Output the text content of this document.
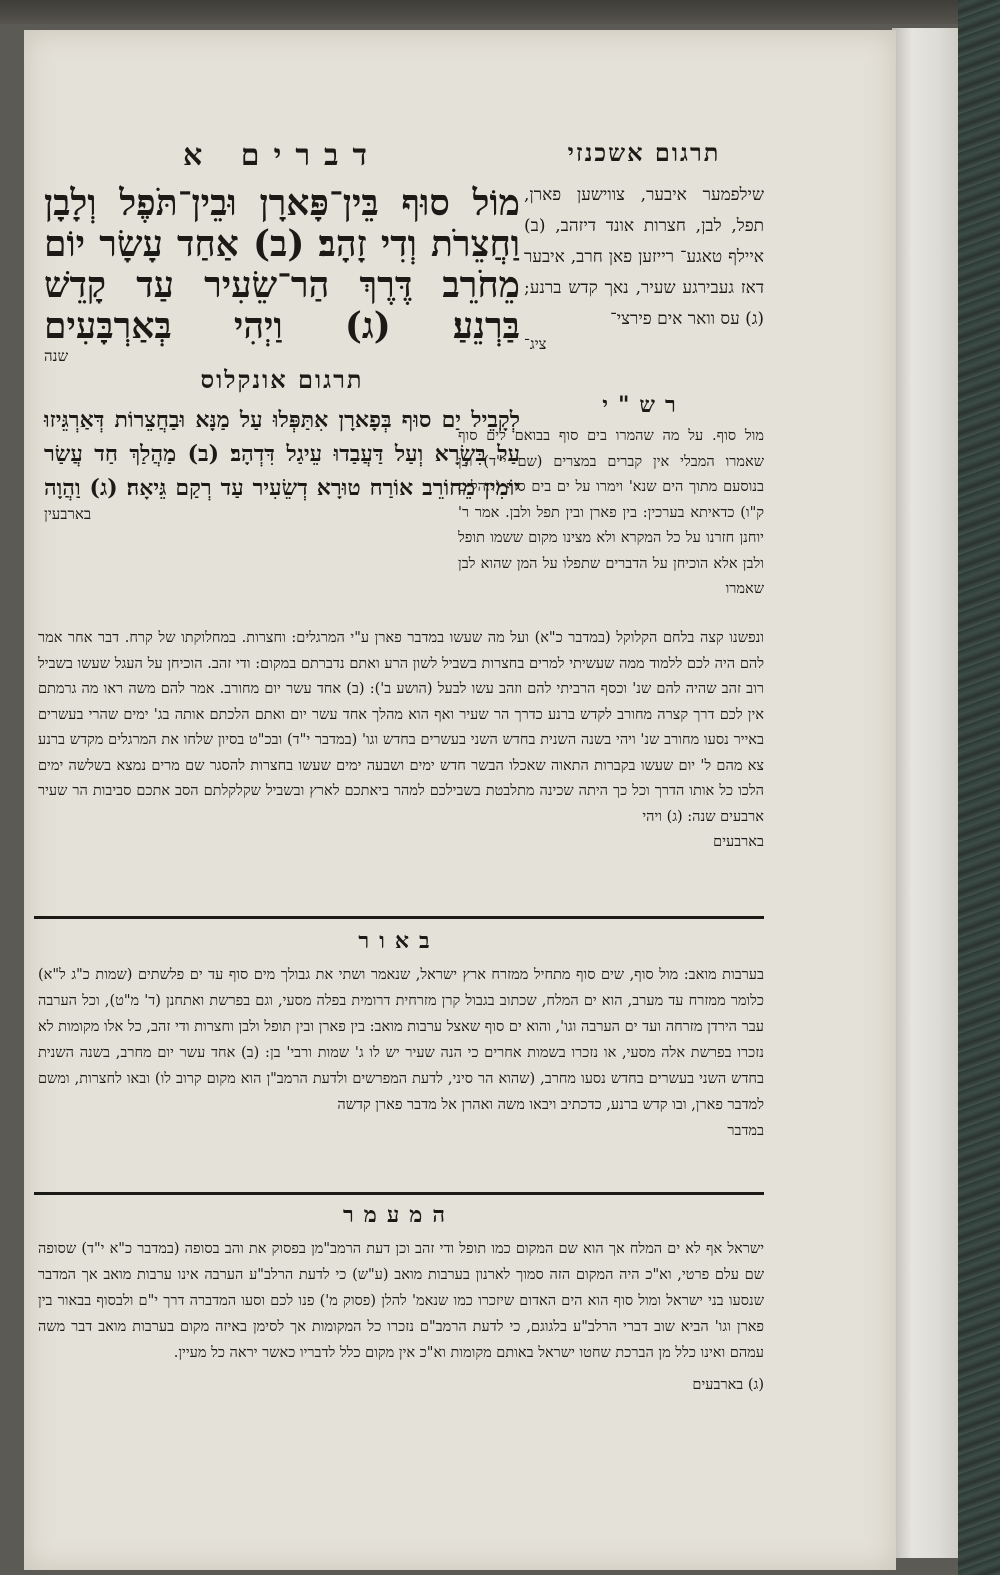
דברים א

מוֹל סוּף בֵּין־פָּארָן וּבֵין־תֹּפֶל וְלָבָן וַחֲצֵרֹת וְדִי זָהָב׃ (ב) אַחַד עָשָׂר יוֹם מֵחֹרֵב דֶּרֶךְ הַר־שֵׂעִיר עַד קָדֵשׁ בַּרְנֵעַ׃ (ג) וַיְהִי בְּאַרְבָּעִים

שנה

תרגום אונקלוס

לְקָבֵיל יַם סוּף בְּפָארָן אִתַּפְּלוּ עַל מַנָּא וּבַחֲצֵרוֹת דְּאַרְגֵּיזוּ עַל בִּשְׂרָא וְעַל דַּעֲבַדוּ עֵיגַל דִּדְהָב׃ (ב) מַהֲלַךְ חַד עֲשַׂר יוֹמִין מֵחוֹרֵב אוֹרַח טוּרָא דְשֵׂעִיר עַד רְקַם גֵּיאָה׃ (ג) וַהֲוָה

בארבעין

תרגום אשכנזי

שילפמער איבער, צווישען פארן, תפל, לבן, חצרות אונד דיזהב, (ב) איילף טאגע־ רייזען פאן חרב, איבער דאז געבירגע שעיר, נאך קדש ברנע; (ג) עס וואר אים פירצי־

ציג־

רש"י
מול סוף. על מה שהמרו בים סוף בבואם לים סוף שאמרו המבלי אין קברים במצרים (שם י"ד) וכן בנוסעם מתוך הים שנא' וימרו על ים בים סוף (תהלים ק"ו) כדאיתא בערכין: בין פארן ובין תפל ולבן. אמר ר' יוחנן חזרנו על כל המקרא ולא מצינו מקום ששמו תופל ולבן אלא הוכיחן על הדברים שתפלו על המן שהוא לבן שאמרו
ונפשנו קצה בלחם הקלוקל (במדבר כ"א) ועל מה שעשו במדבר פארן ע"י המרגלים: וחצרות. במחלוקתו של קרח. דבר אחר אמר להם היה לכם ללמוד ממה שעשיתי למרים בחצרות בשביל לשון הרע ואתם נדברתם במקום: ודי זהב. הוכיחן על העגל שעשו בשביל רוב זהב שהיה להם שנ' וכסף הרביתי להם וזהב עשו לבעל (הושע ב'): (ב) אחד עשר יום מחורב. אמר להם משה ראו מה גרמתם אין לכם דרך קצרה מחורב לקדש ברנע כדרך הר שעיר ואף הוא מהלך אחד עשר יום ואתם הלכתם אותה בג' ימים שהרי בעשרים באייר נסעו מחורב שנ' ויהי בשנה השנית בחדש השני בעשרים בחדש וגו' (במדבר י"ד) ובכ"ט בסיון שלחו את המרגלים מקדש ברנע צא מהם ל' יום שעשו בקברות התאוה שאכלו הבשר חדש ימים ושבעה ימים שעשו בחצרות להסגר שם מרים נמצא בשלשה ימים הלכו כל אותו הדרך וכל כך היתה שכינה מתלבטת בשבילכם למהר ביאתכם לארץ ובשביל שקלקלתם הסב אתכם סביבות הר שעיר ארבעים שנה: (ג) ויהי

בארבעים

באור
בערבות מואב: מול סוף, שים סוף מתחיל ממזרח ארץ ישראל, שנאמר ושתי את גבולך מים סוף עד ים פלשתים (שמות כ"ג ל"א) כלומר ממזרח עד מערב, הוא ים המלח, שכתוב בגבול קרן מזרחית דרומית בפלה מסעי, וגם בפרשת ואתחנן (ד' מ"ט), וכל הערבה עבר הירדן מזרחה ועד ים הערבה וגו', והוא ים סוף שאצל ערבות מואב: בין פארן ובין תופל ולבן וחצרות ודי זהב, כל אלו מקומות לא נזכרו בפרשת אלה מסעי, או נזכרו בשמות אחרים כי הנה שעיר יש לו ג' שמות ורבי' בן: (ב) אחד עשר יום מחרב, בשנה השנית בחדש השני בעשרים בחדש נסעו מחרב, (שהוא הר סיני, לדעת המפרשים ולדעת הרמב"ן הוא מקום קרוב לו) ובאו לחצרות, ומשם למדבר פארן, ובו קדש ברנע, כדכתיב ויבאו משה ואהרן אל מדבר פארן קדשה

במדבר

המעמר
ישראל אף לא ים המלח אך הוא שם המקום כמו תופל ודי זהב וכן דעת הרמב"מן בפסוק את והב בסופה (במדבר כ"א י"ד) שסופה שם עלם פרטי, וא"כ היה המקום הזה סמוך לארנון בערבות מואב (ע"ש) כי לדעת הרלב"ע הערבה אינו ערבות מואב אך המדבר שנסעו בני ישראל ומול סוף הוא הים האדום שיזכרו כמו שנאמ' להלן (פסוק מ') פנו לכם וסעו המדברה דרך י"ם ולבסוף בבאור בין פארן וגו' הביא שוב דברי הרלב"ע בלגוגם, כי לדעת הרמב"ם נזכרו כל המקומות אך לסימן באיזה מקום בערבות מואב דבר משה עמהם ואינו כלל מן הברכת שחטו ישראל באותם מקומות וא"כ אין מקום כלל לדבריו כאשר יראה כל מעיין.

(ג) בארבעים
